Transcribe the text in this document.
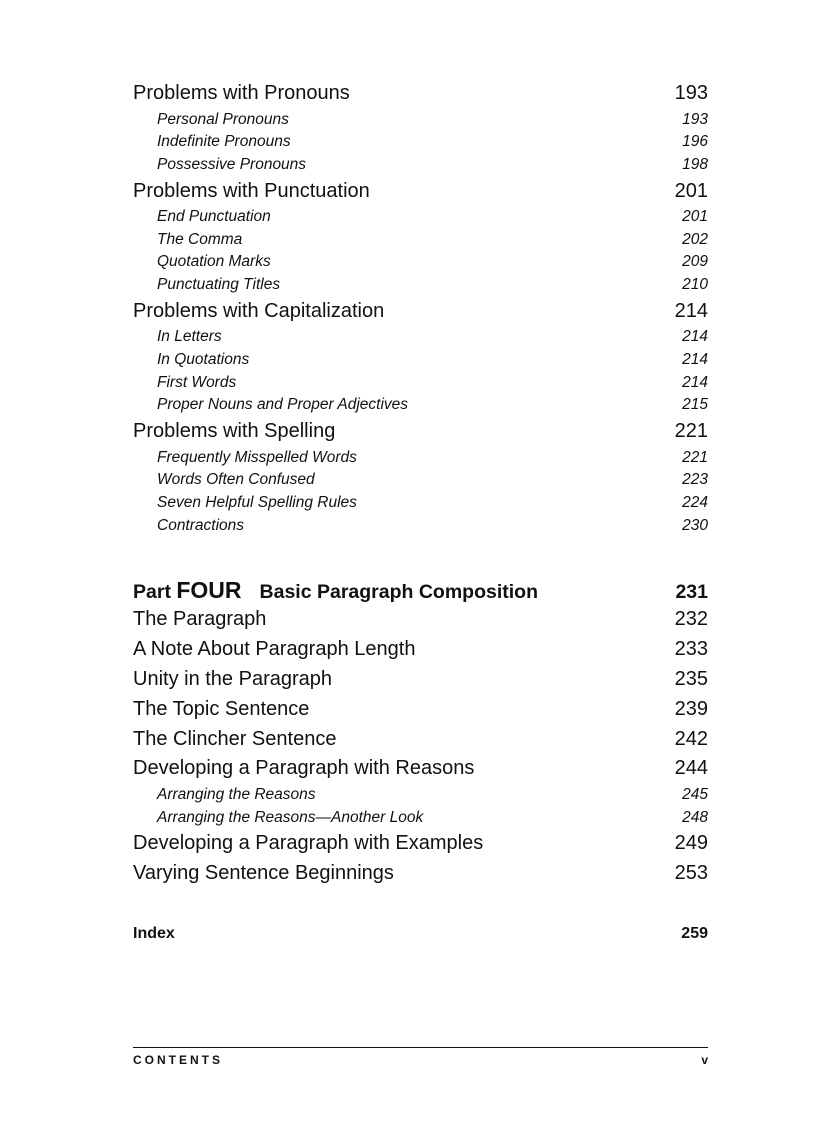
Problems with Pronouns	193
Personal Pronouns	193
Indefinite Pronouns	196
Possessive Pronouns	198
Problems with Punctuation	201
End Punctuation	201
The Comma	202
Quotation Marks	209
Punctuating Titles	210
Problems with Capitalization	214
In Letters	214
In Quotations	214
First Words	214
Proper Nouns and Proper Adjectives	215
Problems with Spelling	221
Frequently Misspelled Words	221
Words Often Confused	223
Seven Helpful Spelling Rules	224
Contractions	230
Part FOUR Basic Paragraph Composition	231
The Paragraph	232
A Note About Paragraph Length	233
Unity in the Paragraph	235
The Topic Sentence	239
The Clincher Sentence	242
Developing a Paragraph with Reasons	244
Arranging the Reasons	245
Arranging the Reasons—Another Look	248
Developing a Paragraph with Examples	249
Varying Sentence Beginnings	253
Index	259
CONTENTS	v
